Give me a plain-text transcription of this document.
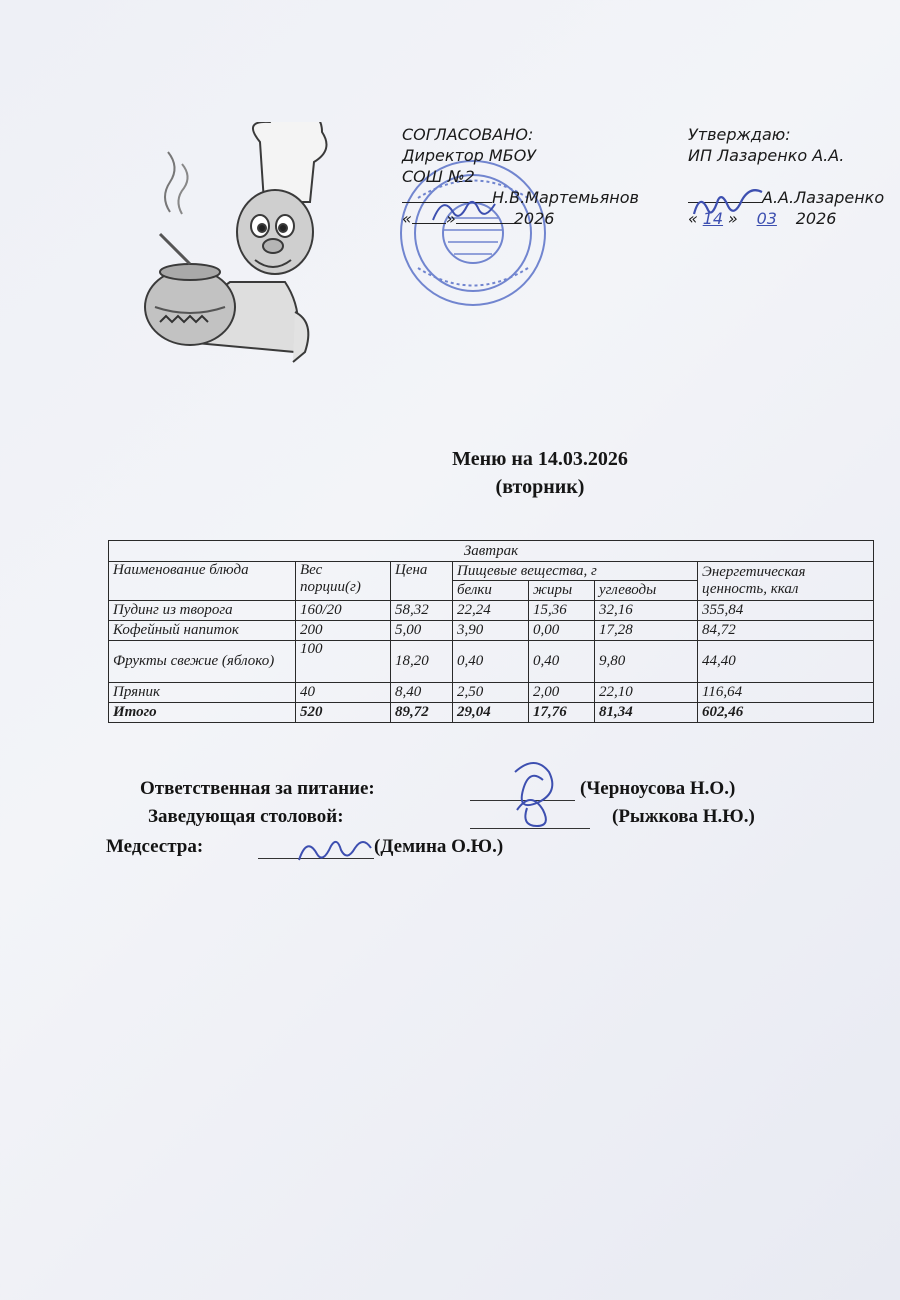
СОГЛАСОВАНО:
Директор МБОУ
СОШ №2
Н.В.Мартемьянов
« »	2026
Утверждаю:
ИП Лазаренко А.А.
А.А.Лазаренко
« 14 » 03 2026
Меню на 14.03.2026
(вторник)
Завтрак						
Наименование блюда	Вес порции(г)	Цена	Пищевые вещества, г			Энергетическая ценность, ккал
			белки	жиры	углеводы	
Пудинг из творога	160/20	58,32	22,24	15,36	32,16	355,84
Кофейный напиток	200	5,00	3,90	0,00	17,28	84,72
Фрукты свежие (яблоко)	100	18,20	0,40	0,40	9,80	44,40
Пряник	40	8,40	2,50	2,00	22,10	116,64
Итого	520	89,72	29,04	17,76	81,34	602,46
Ответственная за питание:	(Черноусова Н.О.)
Заведующая столовой:	(Рыжкова Н.Ю.)
Медсестра:	(Демина О.Ю.)
